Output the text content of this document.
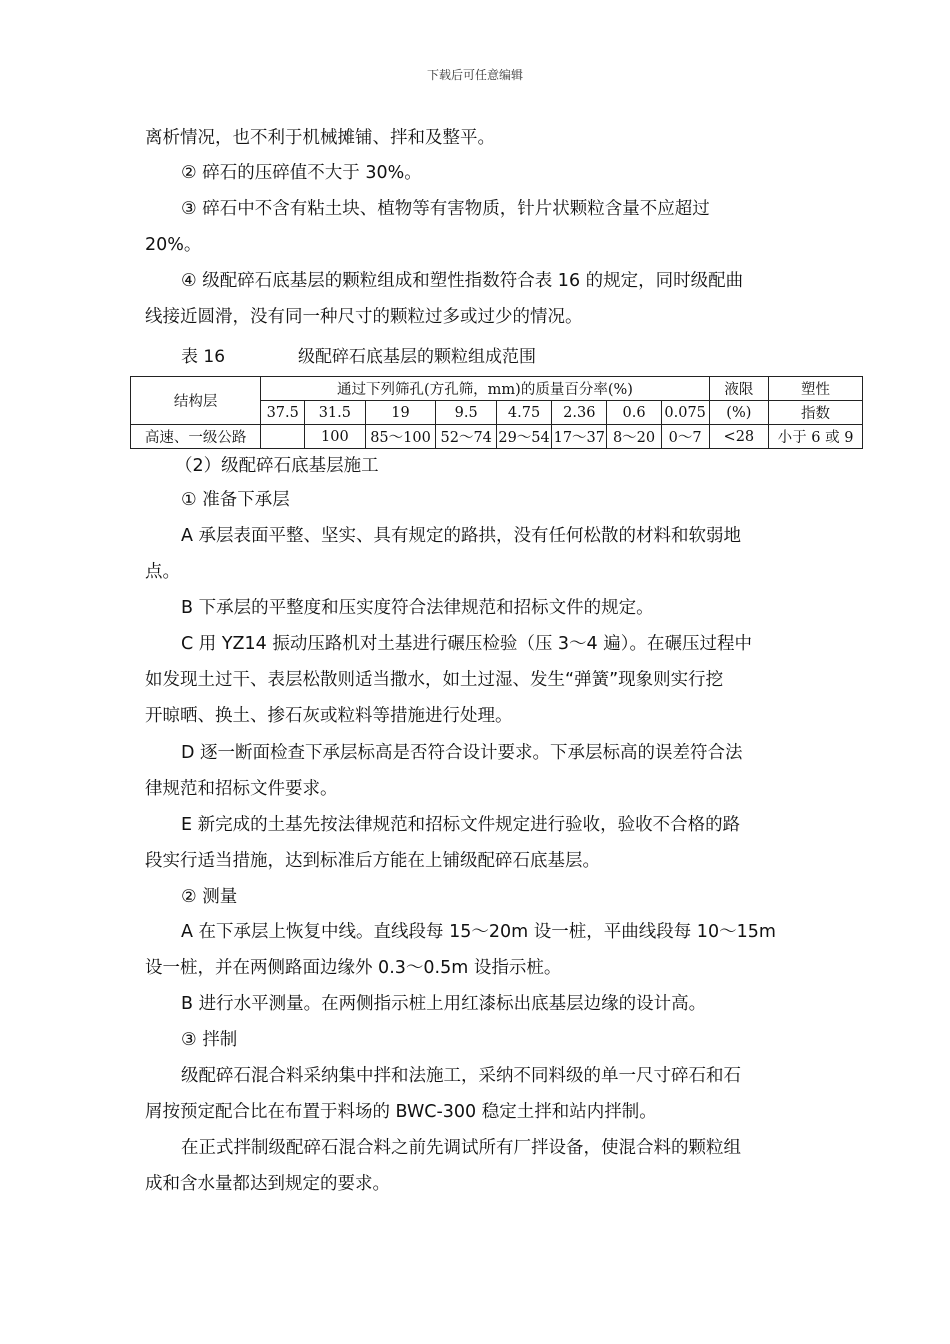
下载后可任意编辑
离析情况，也不利于机械摊铺、拌和及整平。
② 碎石的压碎值不大于 30%。
③ 碎石中不含有粘土块、植物等有害物质，针片状颗粒含量不应超过
20%。
④ 级配碎石底基层的颗粒组成和塑性指数符合表 16 的规定，同时级配曲
线接近圆滑，没有同一种尺寸的颗粒过多或过少的情况。
表 16	级配碎石底基层的颗粒组成范围
结构层	通过下列筛孔(方孔筛，mm)的质量百分率(%)								液限	塑性
	37.5	31.5	19	9.5	4.75	2.36	0.6	0.075	(%)	指数
高速、一级公路		100	85～100	52～74	29～54	17～37	8～20	0～7	<28	小于 6 或 9
（2）级配碎石底基层施工
① 准备下承层
A 承层表面平整、坚实、具有规定的路拱，没有任何松散的材料和软弱地
点。
B 下承层的平整度和压实度符合法律规范和招标文件的规定。
C 用 YZ14 振动压路机对土基进行碾压检验（压 3～4 遍）。在碾压过程中
如发现土过干、表层松散则适当撒水，如土过湿、发生“弹簧”现象则实行挖
开晾晒、换土、掺石灰或粒料等措施进行处理。
D 逐一断面检查下承层标高是否符合设计要求。下承层标高的误差符合法
律规范和招标文件要求。
E 新完成的土基先按法律规范和招标文件规定进行验收，验收不合格的路
段实行适当措施，达到标准后方能在上铺级配碎石底基层。
② 测量
A 在下承层上恢复中线。直线段每 15～20m 设一桩，平曲线段每 10～15m
设一桩，并在两侧路面边缘外 0.3～0.5m 设指示桩。
B 进行水平测量。在两侧指示桩上用红漆标出底基层边缘的设计高。
③ 拌制
级配碎石混合料采纳集中拌和法施工，采纳不同料级的单一尺寸碎石和石
屑按预定配合比在布置于料场的 BWC-300 稳定土拌和站内拌制。
在正式拌制级配碎石混合料之前先调试所有厂拌设备，使混合料的颗粒组
成和含水量都达到规定的要求。
